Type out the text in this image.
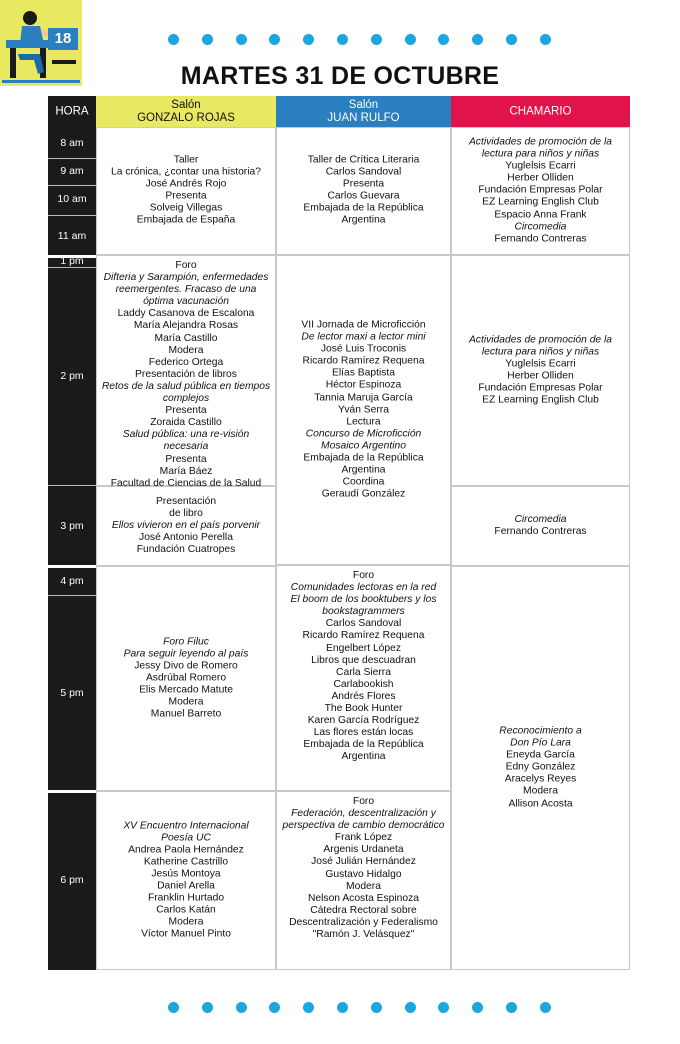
18
MARTES 31 DE OCTUBRE
HORA
Salón
GONZALO ROJAS
Salón
JUAN RULFO
CHAMARIO
8 am
9 am
10 am
11 am
1 pm
2 pm
3 pm
4 pm
5 pm
6 pm
Taller
La crónica, ¿contar una historia?
José Andrés Rojo
Presenta
Solveig Villegas
Embajada de España
Taller de Crítica Literaria
Carlos Sandoval
Presenta
Carlos Guevara
Embajada de la República
Argentina
Actividades de promoción de la
lectura para niños y niñas
Yuglelsis Ecarri
Herber Olliden
Fundación Empresas Polar
EZ Learning English Club
Espacio Anna Frank
Circomedia
Fernando Contreras
Foro
Difteria y Sarampión, enfermedades
reemergentes. Fracaso de una
óptima vacunación
Laddy Casanova de Escalona
María Alejandra Rosas
María Castillo
Modera
Federico Ortega
Presentación de libros
Retos de la salud pública en tiempos
complejos
Presenta
Zoraida Castillo
Salud pública: una re-visión
necesaria
Presenta
María Báez
Facultad de Ciencias de la Salud
VII Jornada de Microficción
De lector maxi a lector mini
José Luis Troconis
Ricardo Ramírez Requena
Elías Baptista
Héctor Espinoza
Tannia Maruja García
Yván Serra
Lectura
Concurso de Microficción
Mosaico Argentino
Embajada de la República
Argentina
Coordina
Geraudí González
Actividades de promoción de la
lectura para niños y niñas
Yuglelsis Ecarri
Herber Olliden
Fundación Empresas Polar
EZ Learning English Club
Presentación
de libro
Ellos vivieron en el país porvenir
José Antonio Perella
Fundación Cuatropes
Circomedia
Fernando Contreras
Foro Filuc
Para seguir leyendo al país
Jessy Divo de Romero
Asdrúbal Romero
Elis Mercado Matute
Modera
Manuel Barreto
Foro
Comunidades lectoras en la red
El boom de los booktubers y los
bookstagrammers
Carlos Sandoval
Ricardo Ramírez Requena
Engelbert López
Libros que descuadran
Carla Sierra
Carlabookish
Andrés Flores
The Book Hunter
Karen García Rodríguez
Las flores están locas
Embajada de la República
Argentina
Reconocimiento a
Don Pío Lara
Eneyda García
Edny González
Aracelys Reyes
Modera
Allison Acosta
XV Encuentro Internacional
Poesía UC
Andrea Paola Hernández
Katherine Castrillo
Jesús Montoya
Daniel Arella
Franklin Hurtado
Carlos Katán
Modera
Víctor Manuel Pinto
Foro
Federación, descentralización y
perspectiva de cambio democrático
Frank López
Argenis Urdaneta
José Julián Hernández
Gustavo Hidalgo
Modera
Nelson Acosta Espinoza
Cátedra Rectoral sobre
Descentralización y Federalismo
"Ramón J. Velásquez"
